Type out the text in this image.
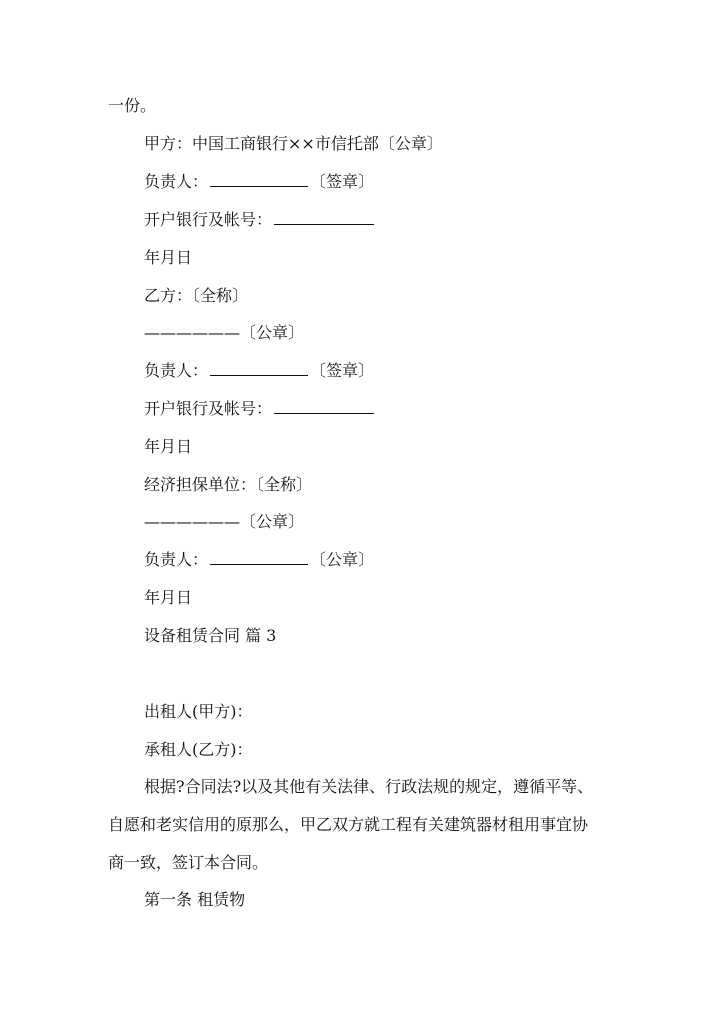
一份。
甲方：中国工商银行××市信托部〔公章〕
负责人：	〔签章〕
开户银行及帐号：
年月日
乙方：〔全称〕
——————〔公章〕
负责人：	〔签章〕
开户银行及帐号：
年月日
经济担保单位：〔全称〕
——————〔公章〕
负责人：	〔公章〕
年月日
设备租赁合同 篇 3
出租人(甲方)：
承租人(乙方)：
根据?合同法?以及其他有关法律、行政法规的规定，遵循平等、
自愿和老实信用的原那么，甲乙双方就工程有关建筑器材租用事宜协
商一致，签订本合同。
第一条 租赁物
